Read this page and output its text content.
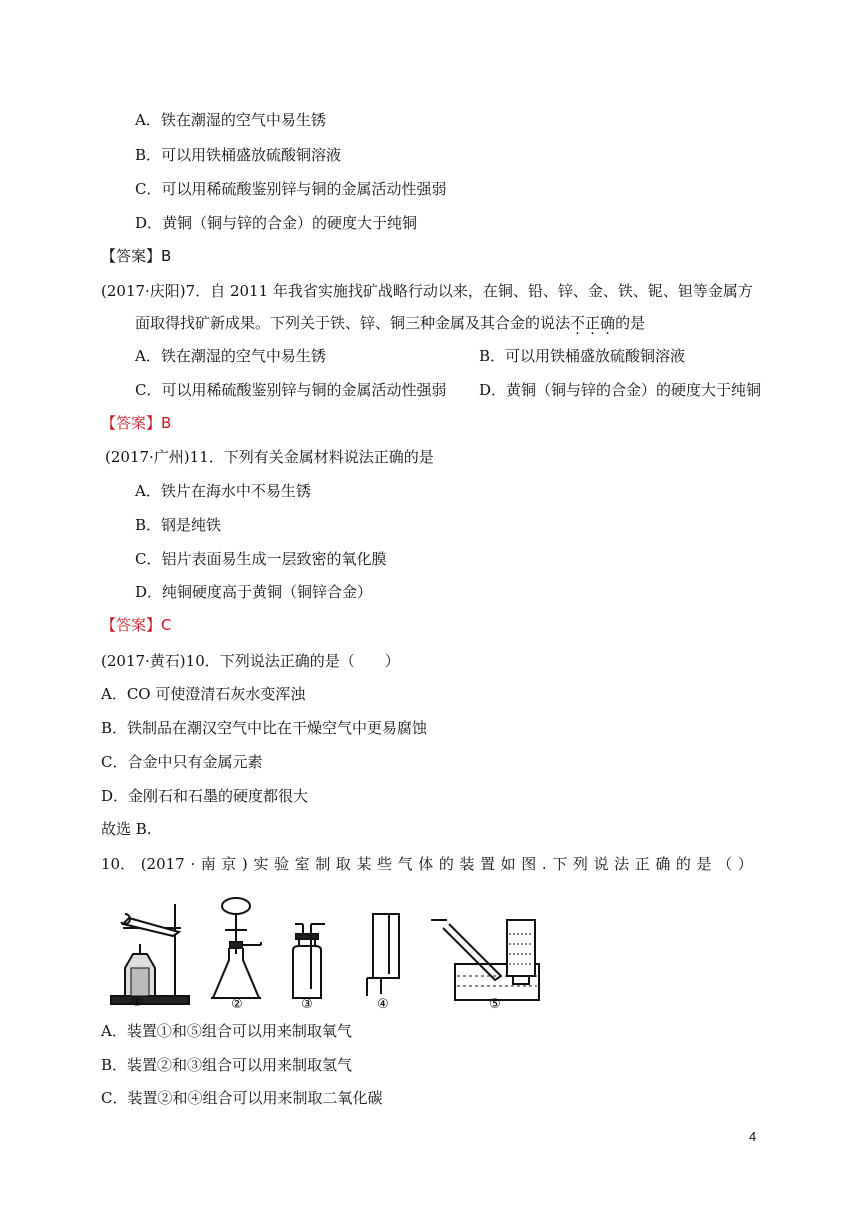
A．铁在潮湿的空气中易生锈
B．可以用铁桶盛放硫酸铜溶液
C．可以用稀硫酸鉴别锌与铜的金属活动性强弱
D．黄铜（铜与锌的合金）的硬度大于纯铜
【答案】B
(2017·庆阳)7．自 2011 年我省实施找矿战略行动以来，在铜、铅、锌、金、铁、铌、钽等金属方
面取得找矿新成果。下列关于铁、锌、铜三种金属及其合金的说法不正确的是
A．铁在潮湿的空气中易生锈	B．可以用铁桶盛放硫酸铜溶液
C．可以用稀硫酸鉴别锌与铜的金属活动性强弱 D．黄铜（铜与锌的合金）的硬度大于纯铜
【答案】B
(2017·广州)11．下列有关金属材料说法正确的是
A．铁片在海水中不易生锈
B．钢是纯铁
C．铝片表面易生成一层致密的氧化膜
D．纯铜硬度高于黄铜（铜锌合金）
【答案】C
(2017·黄石)10．下列说法正确的是（　　）
A．CO 可使澄清石灰水变浑浊
B．铁制品在潮汉空气中比在干燥空气中更易腐蚀
C．合金中只有金属元素
D．金刚石和石墨的硬度都很大
故选 B.
10． (2017 · 南 京 ) 实 验 室 制 取 某 些 气 体 的 装 置 如 图 . 下 列 说 法 正 确 的 是 （ ）
①	②	③	④	⑤
A．装置①和⑤组合可以用来制取氧气
B．装置②和③组合可以用来制取氢气
C．装置②和④组合可以用来制取二氧化碳
4
